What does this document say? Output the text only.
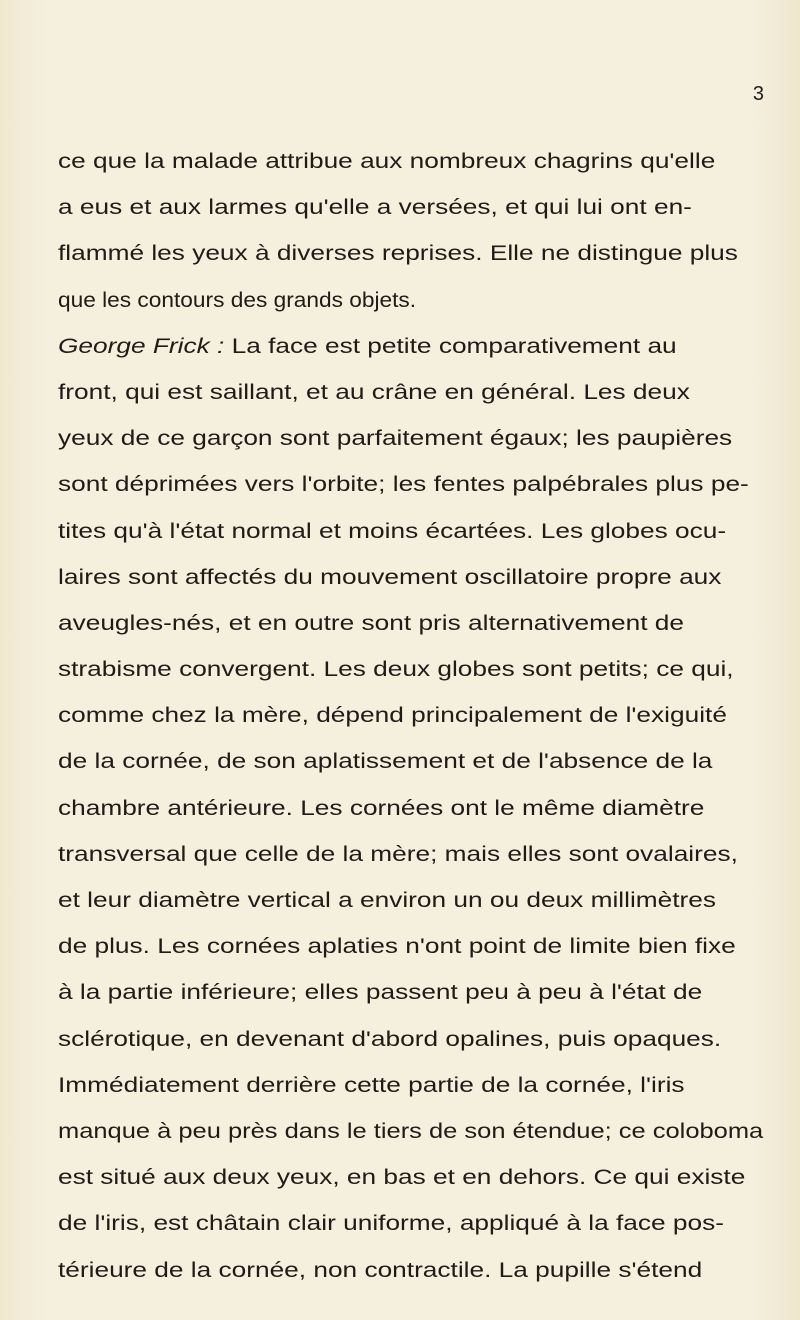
3
ce que la malade attribue aux nombreux chagrins qu'elle
a eus et aux larmes qu'elle a versées, et qui lui ont en-
flammé les yeux à diverses reprises. Elle ne distingue plus
que les contours des grands objets.
George Frick : La face est petite comparativement au
front, qui est saillant, et au crâne en général. Les deux
yeux de ce garçon sont parfaitement égaux; les paupières
sont déprimées vers l'orbite; les fentes palpébrales plus pe-
tites qu'à l'état normal et moins écartées. Les globes ocu-
laires sont affectés du mouvement oscillatoire propre aux
aveugles-nés, et en outre sont pris alternativement de
strabisme convergent. Les deux globes sont petits; ce qui,
comme chez la mère, dépend principalement de l'exiguité
de la cornée, de son aplatissement et de l'absence de la
chambre antérieure. Les cornées ont le même diamètre
transversal que celle de la mère; mais elles sont ovalaires,
et leur diamètre vertical a environ un ou deux millimètres
de plus. Les cornées aplaties n'ont point de limite bien fixe
à la partie inférieure; elles passent peu à peu à l'état de
sclérotique, en devenant d'abord opalines, puis opaques.
Immédiatement derrière cette partie de la cornée, l'iris
manque à peu près dans le tiers de son étendue; ce coloboma
est situé aux deux yeux, en bas et en dehors. Ce qui existe
de l'iris, est châtain clair uniforme, appliqué à la face pos-
térieure de la cornée, non contractile. La pupille s'étend
